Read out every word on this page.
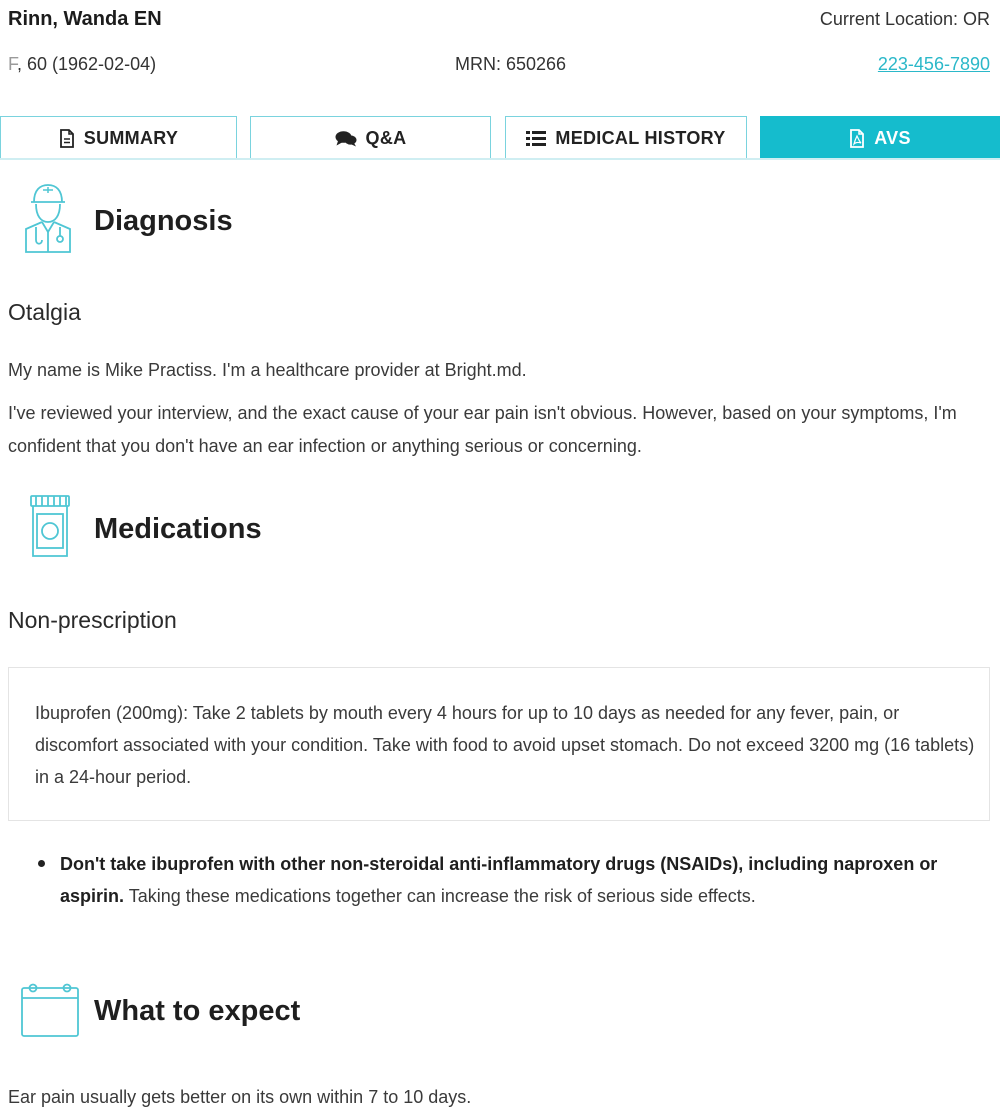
Rinn, Wanda EN	Current Location: OR
F, 60 (1962-02-04)	MRN: 650266	223-456-7890
SUMMARY	Q&A	MEDICAL HISTORY	AVS
Diagnosis
Otalgia
My name is Mike Practiss. I'm a healthcare provider at Bright.md.
I've reviewed your interview, and the exact cause of your ear pain isn't obvious. However, based on your symptoms, I'm confident that you don't have an ear infection or anything serious or concerning.
Medications
Non-prescription
Ibuprofen (200mg): Take 2 tablets by mouth every 4 hours for up to 10 days as needed for any fever, pain, or discomfort associated with your condition. Take with food to avoid upset stomach. Do not exceed 3200 mg (16 tablets) in a 24-hour period.
Don't take ibuprofen with other non-steroidal anti-inflammatory drugs (NSAIDs), including naproxen or aspirin. Taking these medications together can increase the risk of serious side effects.
What to expect
Ear pain usually gets better on its own within 7 to 10 days.
